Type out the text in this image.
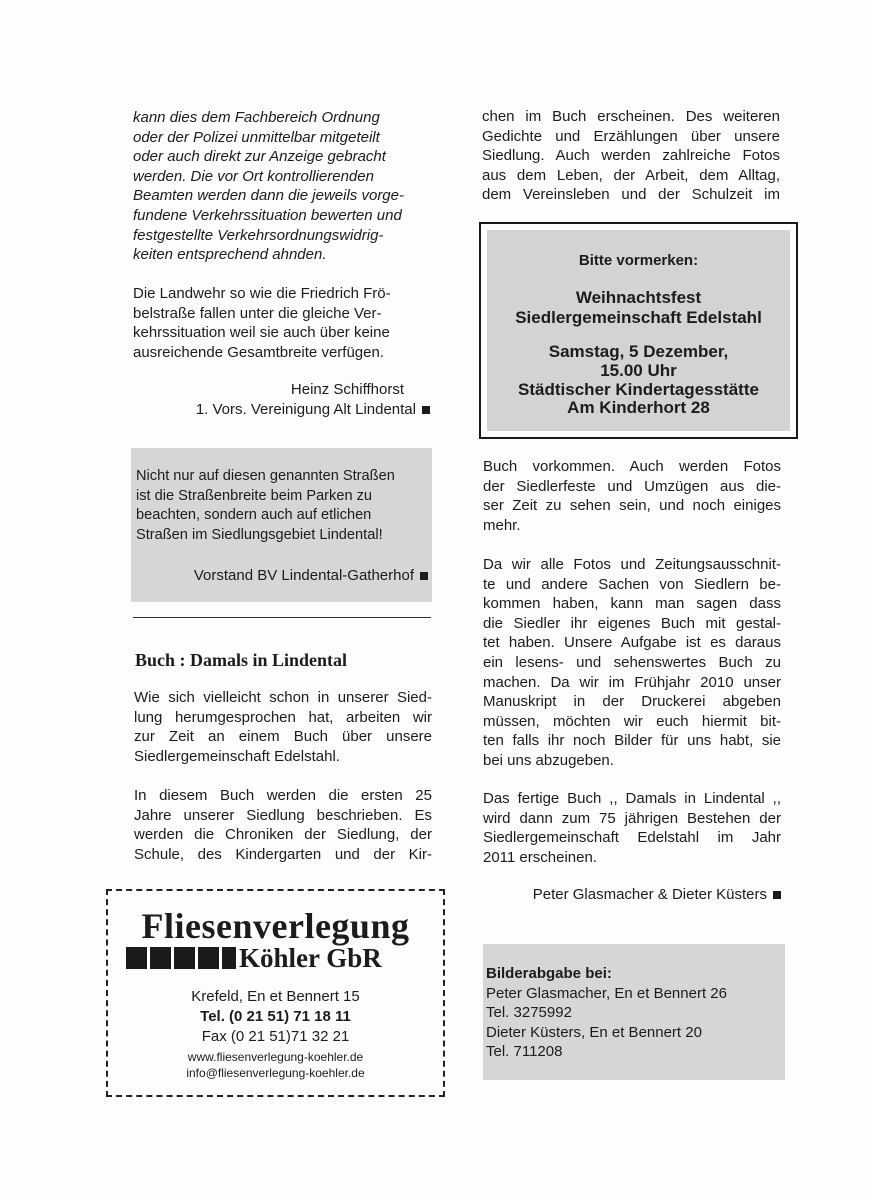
kann dies dem Fachbereich Ordnung
oder der Polizei unmittelbar mitgeteilt
oder auch direkt zur Anzeige gebracht
werden. Die vor Ort kontrollierenden
Beamten werden dann die jeweils vorge-
fundene Verkehrssituation bewerten und
festgestellte Verkehrsordnungswidrig-
keiten entsprechend ahnden.
Die Landwehr so wie die Friedrich Frö-
belstraße fallen unter die gleiche Ver-
kehrssituation weil sie auch über keine
ausreichende Gesamtbreite verfügen.
Heinz Schiffhorst
1. Vors. Vereinigung Alt Lindental
Nicht nur auf diesen genannten Straßen
ist die Straßenbreite beim Parken zu
beachten, sondern auch auf etlichen
Straßen im Siedlungsgebiet Lindental!
Vorstand BV Lindental-Gatherhof
Buch : Damals in Lindental
Wie sich vielleicht schon in unserer Sied-
lung herumgesprochen hat, arbeiten wir
zur Zeit an einem Buch über unsere
Siedlergemeinschaft Edelstahl.
In diesem Buch werden die ersten 25
Jahre unserer Siedlung beschrieben. Es
werden die Chroniken der Siedlung, der
Schule, des Kindergarten und der Kir-
Fliesenverlegung
Köhler GbR
Krefeld, En et Bennert 15
Tel. (0 21 51) 71 18 11
Fax (0 21 51)71 32 21
www.fliesenverlegung-koehler.de
info@fliesenverlegung-koehler.de
chen im Buch erscheinen. Des weiteren
Gedichte und Erzählungen über unsere
Siedlung. Auch werden zahlreiche Fotos
aus dem Leben, der Arbeit, dem Alltag,
dem Vereinsleben und der Schulzeit im
Bitte vormerken:
Weihnachtsfest
Siedlergemeinschaft Edelstahl
Samstag, 5 Dezember,
15.00 Uhr
Städtischer Kindertagesstätte
Am Kinderhort 28
Buch vorkommen. Auch werden Fotos
der Siedlerfeste und Umzügen aus die-
ser Zeit zu sehen sein, und noch einiges
mehr.
Da wir alle Fotos und Zeitungsausschnit-
te und andere Sachen von Siedlern be-
kommen haben, kann man sagen dass
die Siedler ihr eigenes Buch mit gestal-
tet haben. Unsere Aufgabe ist es daraus
ein lesens- und sehenswertes Buch zu
machen. Da wir im Frühjahr 2010 unser
Manuskript in der Druckerei abgeben
müssen, möchten wir euch hiermit bit-
ten falls ihr noch Bilder für uns habt, sie
bei uns abzugeben.
Das fertige Buch ,, Damals in Lindental ,,
wird dann zum 75 jährigen Bestehen der
Siedlergemeinschaft Edelstahl im Jahr
2011 erscheinen.
Peter Glasmacher & Dieter Küsters
Bilderabgabe bei:
Peter Glasmacher, En et Bennert 26
Tel. 3275992
Dieter Küsters, En et Bennert 20
Tel. 711208
